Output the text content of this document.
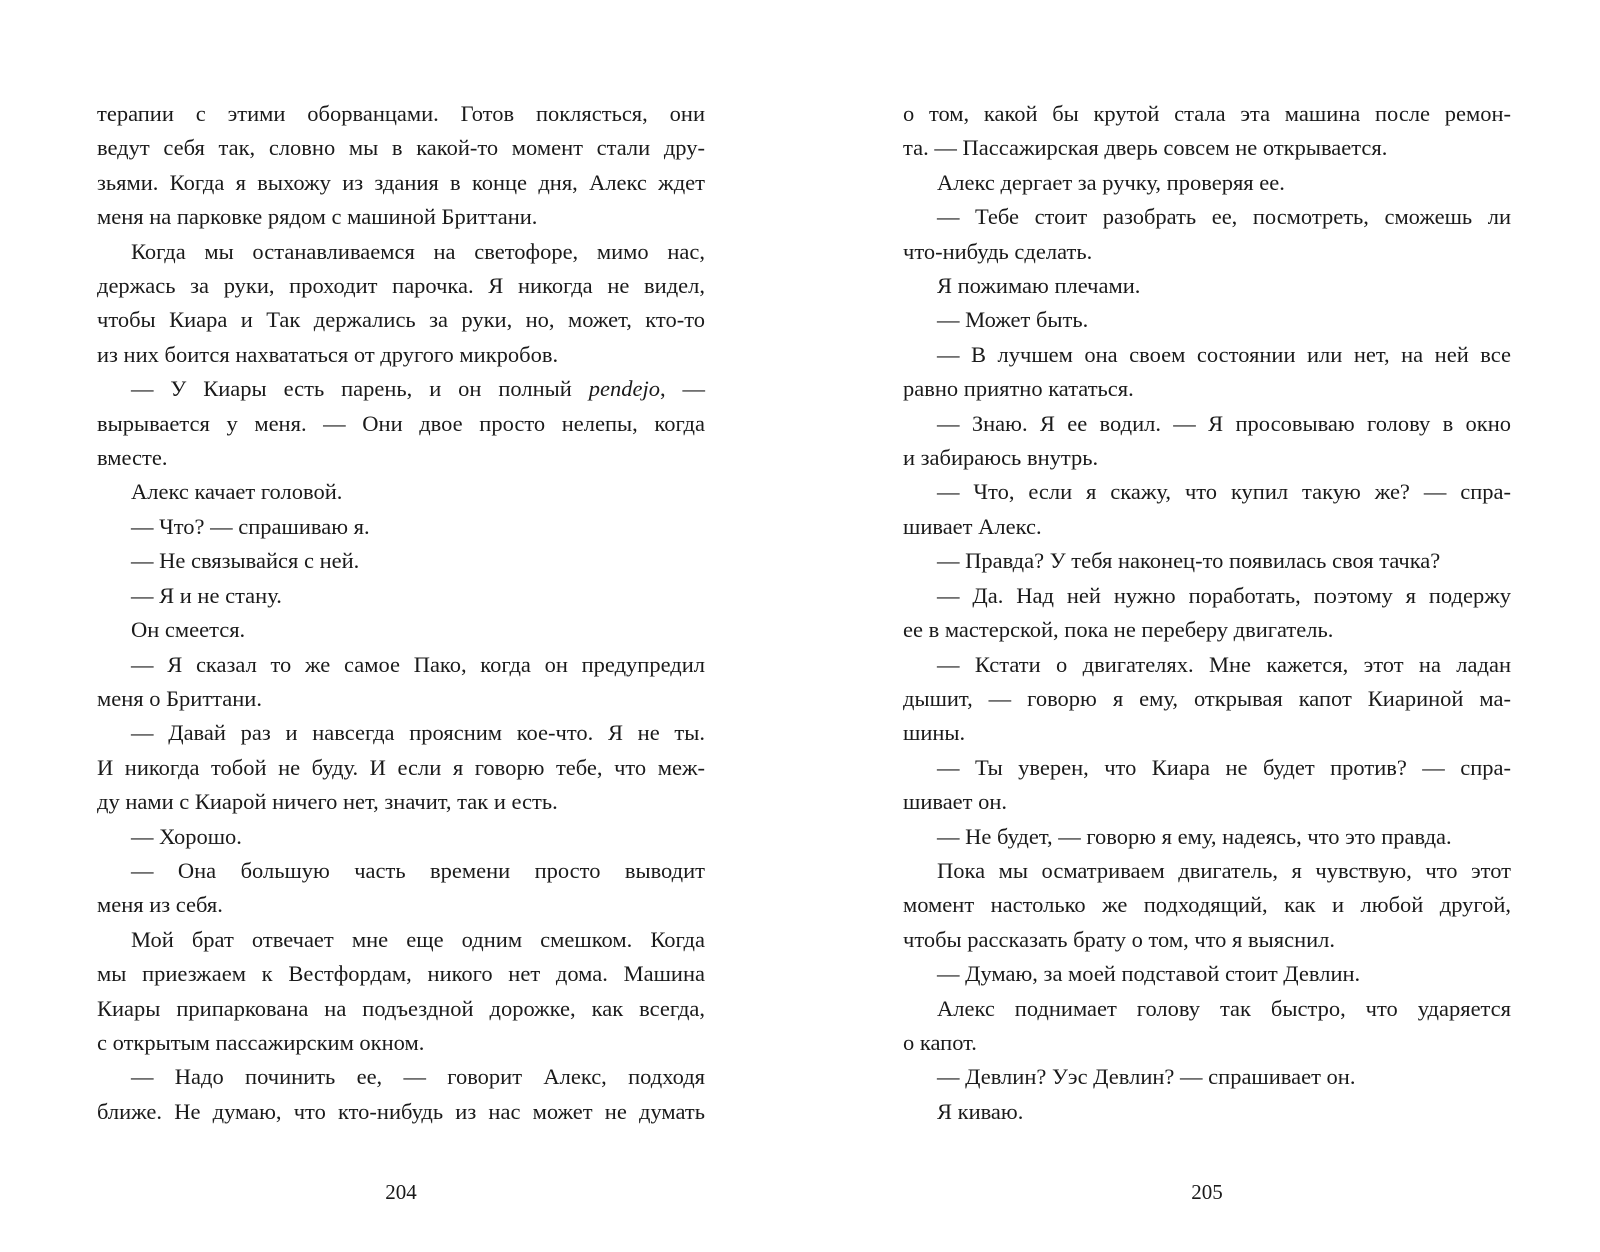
терапии с этими оборванцами. Готов поклясться, они

ведут себя так, словно мы в какой-то момент стали дру-

зьями. Когда я выхожу из здания в конце дня, Алекс ждет

меня на парковке рядом с машиной Бриттани.

Когда мы останавливаемся на светофоре, мимо нас,

держась за руки, проходит парочка. Я никогда не видел,

чтобы Киара и Так держались за руки, но, может, кто-то

из них боится нахвататься от другого микробов.

— У Киары есть парень, и он полный pendejo, —

вырывается у меня. — Они двое просто нелепы, когда

вместе.

Алекс качает головой.

— Что? — спрашиваю я.

— Не связывайся с ней.

— Я и не стану.

Он смеется.

— Я сказал то же самое Пако, когда он предупредил

меня о Бриттани.

— Давай раз и навсегда проясним кое-что. Я не ты.

И никогда тобой не буду. И если я говорю тебе, что меж-

ду нами с Киарой ничего нет, значит, так и есть.

— Хорошо.

— Она большую часть времени просто выводит

меня из себя.

Мой брат отвечает мне еще одним смешком. Когда

мы приезжаем к Вестфордам, никого нет дома. Машина

Киары припаркована на подъездной дорожке, как всегда,

с открытым пассажирским окном.

— Надо починить ее, — говорит Алекс, подходя

ближе. Не думаю, что кто-нибудь из нас может не думать

204

о том, какой бы крутой стала эта машина после ремон-

та. — Пассажирская дверь совсем не открывается.

Алекс дергает за ручку, проверяя ее.

— Тебе стоит разобрать ее, посмотреть, сможешь ли

что-нибудь сделать.

Я пожимаю плечами.

— Может быть.

— В лучшем она своем состоянии или нет, на ней все

равно приятно кататься.

— Знаю. Я ее водил. — Я просовываю голову в окно

и забираюсь внутрь.

— Что, если я скажу, что купил такую же? — спра-

шивает Алекс.

— Правда? У тебя наконец-то появилась своя тачка?

— Да. Над ней нужно поработать, поэтому я подержу

ее в мастерской, пока не переберу двигатель.

— Кстати о двигателях. Мне кажется, этот на ладан

дышит, — говорю я ему, открывая капот Киариной ма-

шины.

— Ты уверен, что Киара не будет против? — спра-

шивает он.

— Не будет, — говорю я ему, надеясь, что это правда.

Пока мы осматриваем двигатель, я чувствую, что этот

момент настолько же подходящий, как и любой другой,

чтобы рассказать брату о том, что я выяснил.

— Думаю, за моей подставой стоит Девлин.

Алекс поднимает голову так быстро, что ударяется

о капот.

— Девлин? Уэс Девлин? — спрашивает он.

Я киваю.

205
